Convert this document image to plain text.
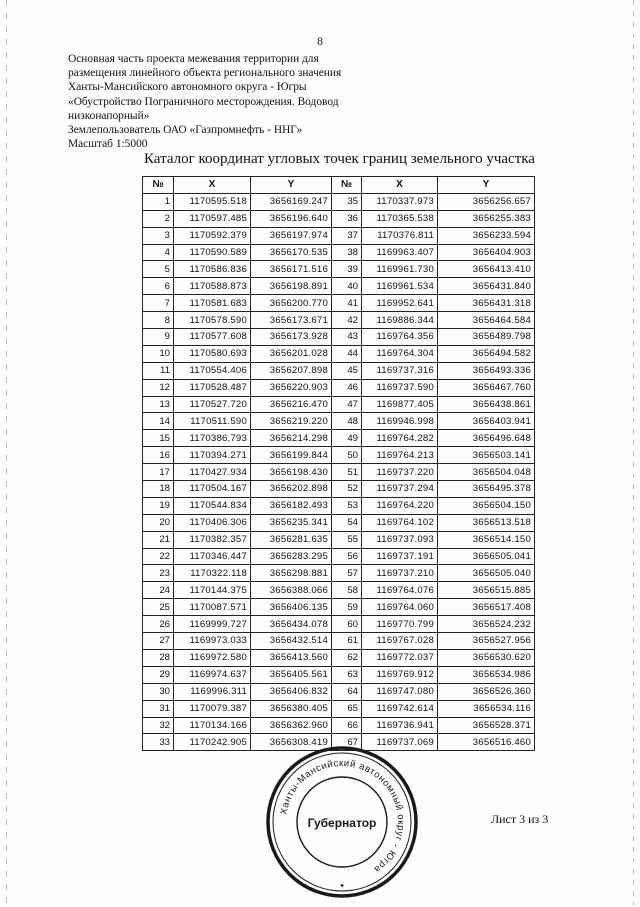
8
Основная часть проекта межевания территории для
размещения линейного объекта регионального значения
Ханты-Мансийского автономного округа - Югры
«Обустройство Пограничного месторождения. Водовод
низконапорный»
Землепользователь ОАО «Газпромнефть - ННГ»
Масштаб 1:5000
Каталог координат угловых точек границ земельного участка
№	X	Y	№	X	Y
1	1170595.518	3656169.247	35	1170337.973	3656256.657
2	1170597.485	3656196.640	36	1170365.538	3656255.383
3	1170592.379	3656197.974	37	1170376.811	3656233.594
4	1170590.589	3656170.535	38	1169963.407	3656404.903
5	1170586.836	3656171.516	39	1169961.730	3656413.410
6	1170588.873	3656198.891	40	1169961.534	3656431.840
7	1170581.683	3656200.770	41	1169952.641	3656431.318
8	1170578.590	3656173.671	42	1169886.344	3656464.584
9	1170577.608	3656173.928	43	1169764.356	3656489.798
10	1170580.693	3656201.028	44	1169764.304	3656494.582
11	1170554.406	3656207.898	45	1169737.316	3656493.336
12	1170528.487	3656220.903	46	1169737.590	3656467.760
13	1170527.720	3656216.470	47	1169877.405	3656438.861
14	1170511.590	3656219.220	48	1169946.998	3656403.941
15	1170386.793	3656214.298	49	1169764.282	3656496.648
16	1170394.271	3656199.844	50	1169764.213	3656503.141
17	1170427.934	3656198.430	51	1169737.220	3656504.048
18	1170504.167	3656202.898	52	1169737.294	3656495.378
19	1170544.834	3656182.493	53	1169764.220	3656504.150
20	1170406.306	3656235.341	54	1169764.102	3656513.518
21	1170382.357	3656281.635	55	1169737.093	3656514.150
22	1170346.447	3656283.295	56	1169737.191	3656505.041
23	1170322.118	3656298.881	57	1169737.210	3656505.040
24	1170144.375	3656388.066	58	1169764.076	3656515.885
25	1170087.571	3656406.135	59	1169764.060	3656517.408
26	1169999.727	3656434.078	60	1169770.799	3656524.232
27	1169973.033	3656432.514	61	1169767.028	3656527.956
28	1169972.580	3656413.560	62	1169772.037	3656530.620
29	1169974.637	3656405.561	63	1169769.912	3656534.986
30	1169996.311	3656406.832	64	1169747.080	3656526.360
31	1170079.387	3656380.405	65	1169742.614	3656534.116
32	1170134.166	3656362.960	66	1169736.941	3656528.371
33	1170242.905	3656308.419	67	1169737.069	3656516.460
Ханты-Мансийский автономный округ - Югра
Губернатор
✦
Лист 3 из 3
